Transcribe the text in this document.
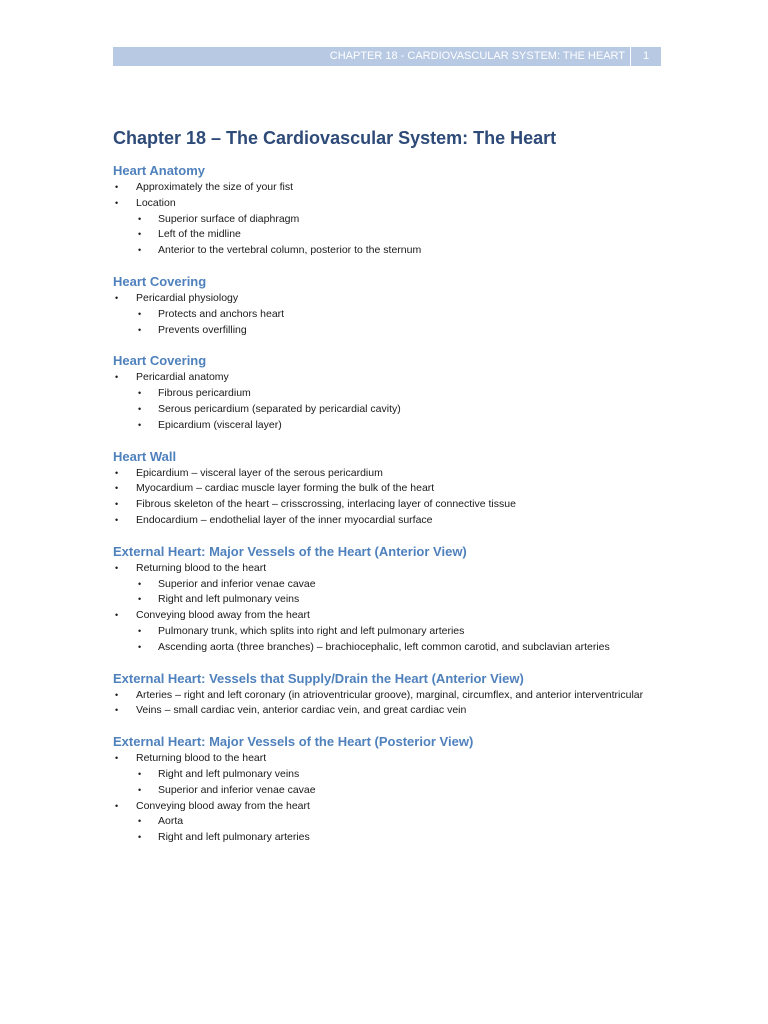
CHAPTER 18 - CARDIOVASCULAR SYSTEM: THE HEART	1
Chapter 18 – The Cardiovascular System: The Heart
Heart Anatomy
• Approximately the size of your fist
• Location
• Superior surface of diaphragm
• Left of the midline
• Anterior to the vertebral column, posterior to the sternum
Heart Covering
• Pericardial physiology
• Protects and anchors heart
• Prevents overfilling
Heart Covering
• Pericardial anatomy
• Fibrous pericardium
• Serous pericardium (separated by pericardial cavity)
• Epicardium (visceral layer)
Heart Wall
• Epicardium – visceral layer of the serous pericardium
• Myocardium – cardiac muscle layer forming the bulk of the heart
• Fibrous skeleton of the heart – crisscrossing, interlacing layer of connective tissue
• Endocardium – endothelial layer of the inner myocardial surface
External Heart: Major Vessels of the Heart (Anterior View)
• Returning blood to the heart
• Superior and inferior venae cavae
• Right and left pulmonary veins
• Conveying blood away from the heart
• Pulmonary trunk, which splits into right and left pulmonary arteries
• Ascending aorta (three branches) – brachiocephalic, left common carotid, and subclavian arteries
External Heart: Vessels that Supply/Drain the Heart (Anterior View)
• Arteries – right and left coronary (in atrioventricular groove), marginal, circumflex, and anterior interventricular
• Veins – small cardiac vein, anterior cardiac vein, and great cardiac vein
External Heart: Major Vessels of the Heart (Posterior View)
• Returning blood to the heart
• Right and left pulmonary veins
• Superior and inferior venae cavae
• Conveying blood away from the heart
• Aorta
• Right and left pulmonary arteries
